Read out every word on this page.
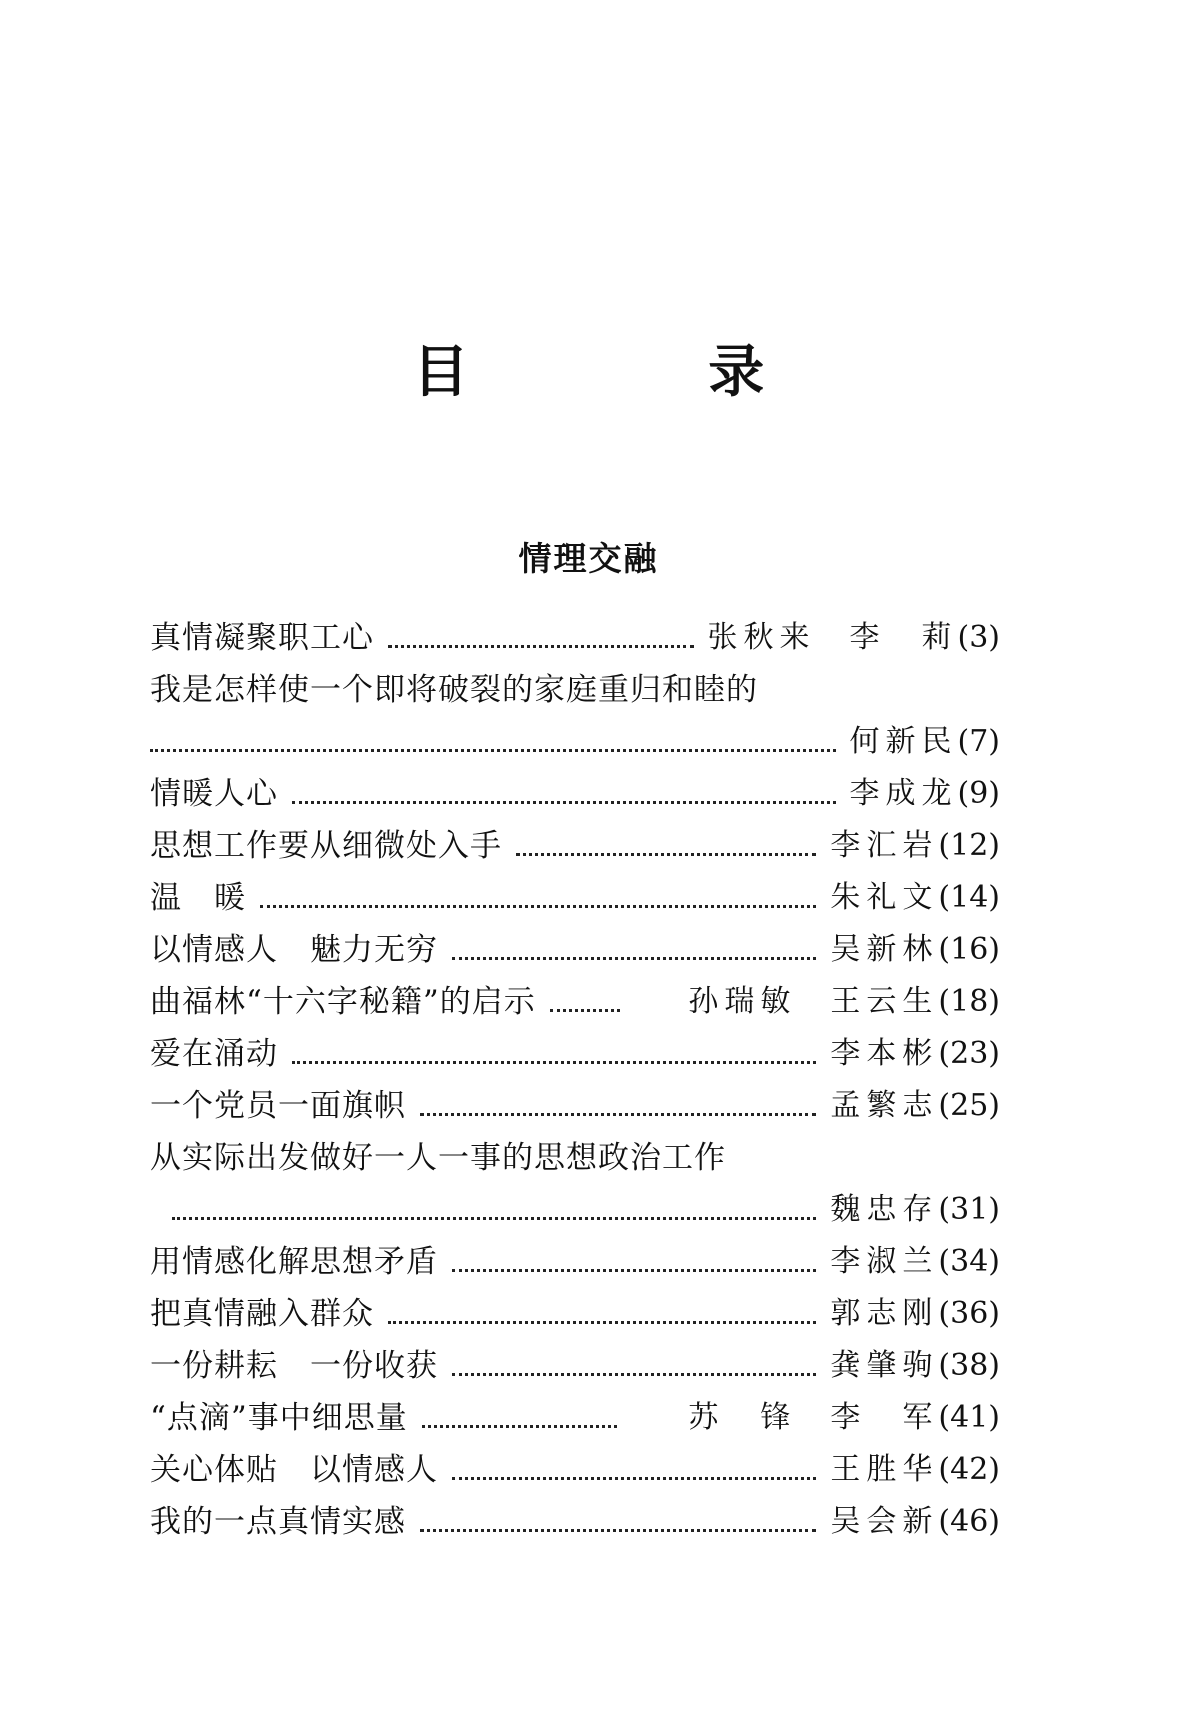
目 录
情理交融
真情凝聚职工心	张秋来 李　莉 (3)
我是怎样使一个即将破裂的家庭重归和睦的
何新民 (7)
情暖人心	李成龙 (9)
思想工作要从细微处入手	李汇岩 (12)
温　暖	朱礼文 (14)
以情感人　魅力无穷	吴新林 (16)
曲福林“十六字秘籍”的启示	孙瑞敏 王云生 (18)
爱在涌动	李本彬 (23)
一个党员一面旗帜	孟繁志 (25)
从实际出发做好一人一事的思想政治工作
魏忠存 (31)
用情感化解思想矛盾	李淑兰 (34)
把真情融入群众	郭志刚 (36)
一份耕耘　一份收获	龚肇驹 (38)
“点滴”事中细思量	苏　锋 李　军 (41)
关心体贴　以情感人	王胜华 (42)
我的一点真情实感	吴会新 (46)
